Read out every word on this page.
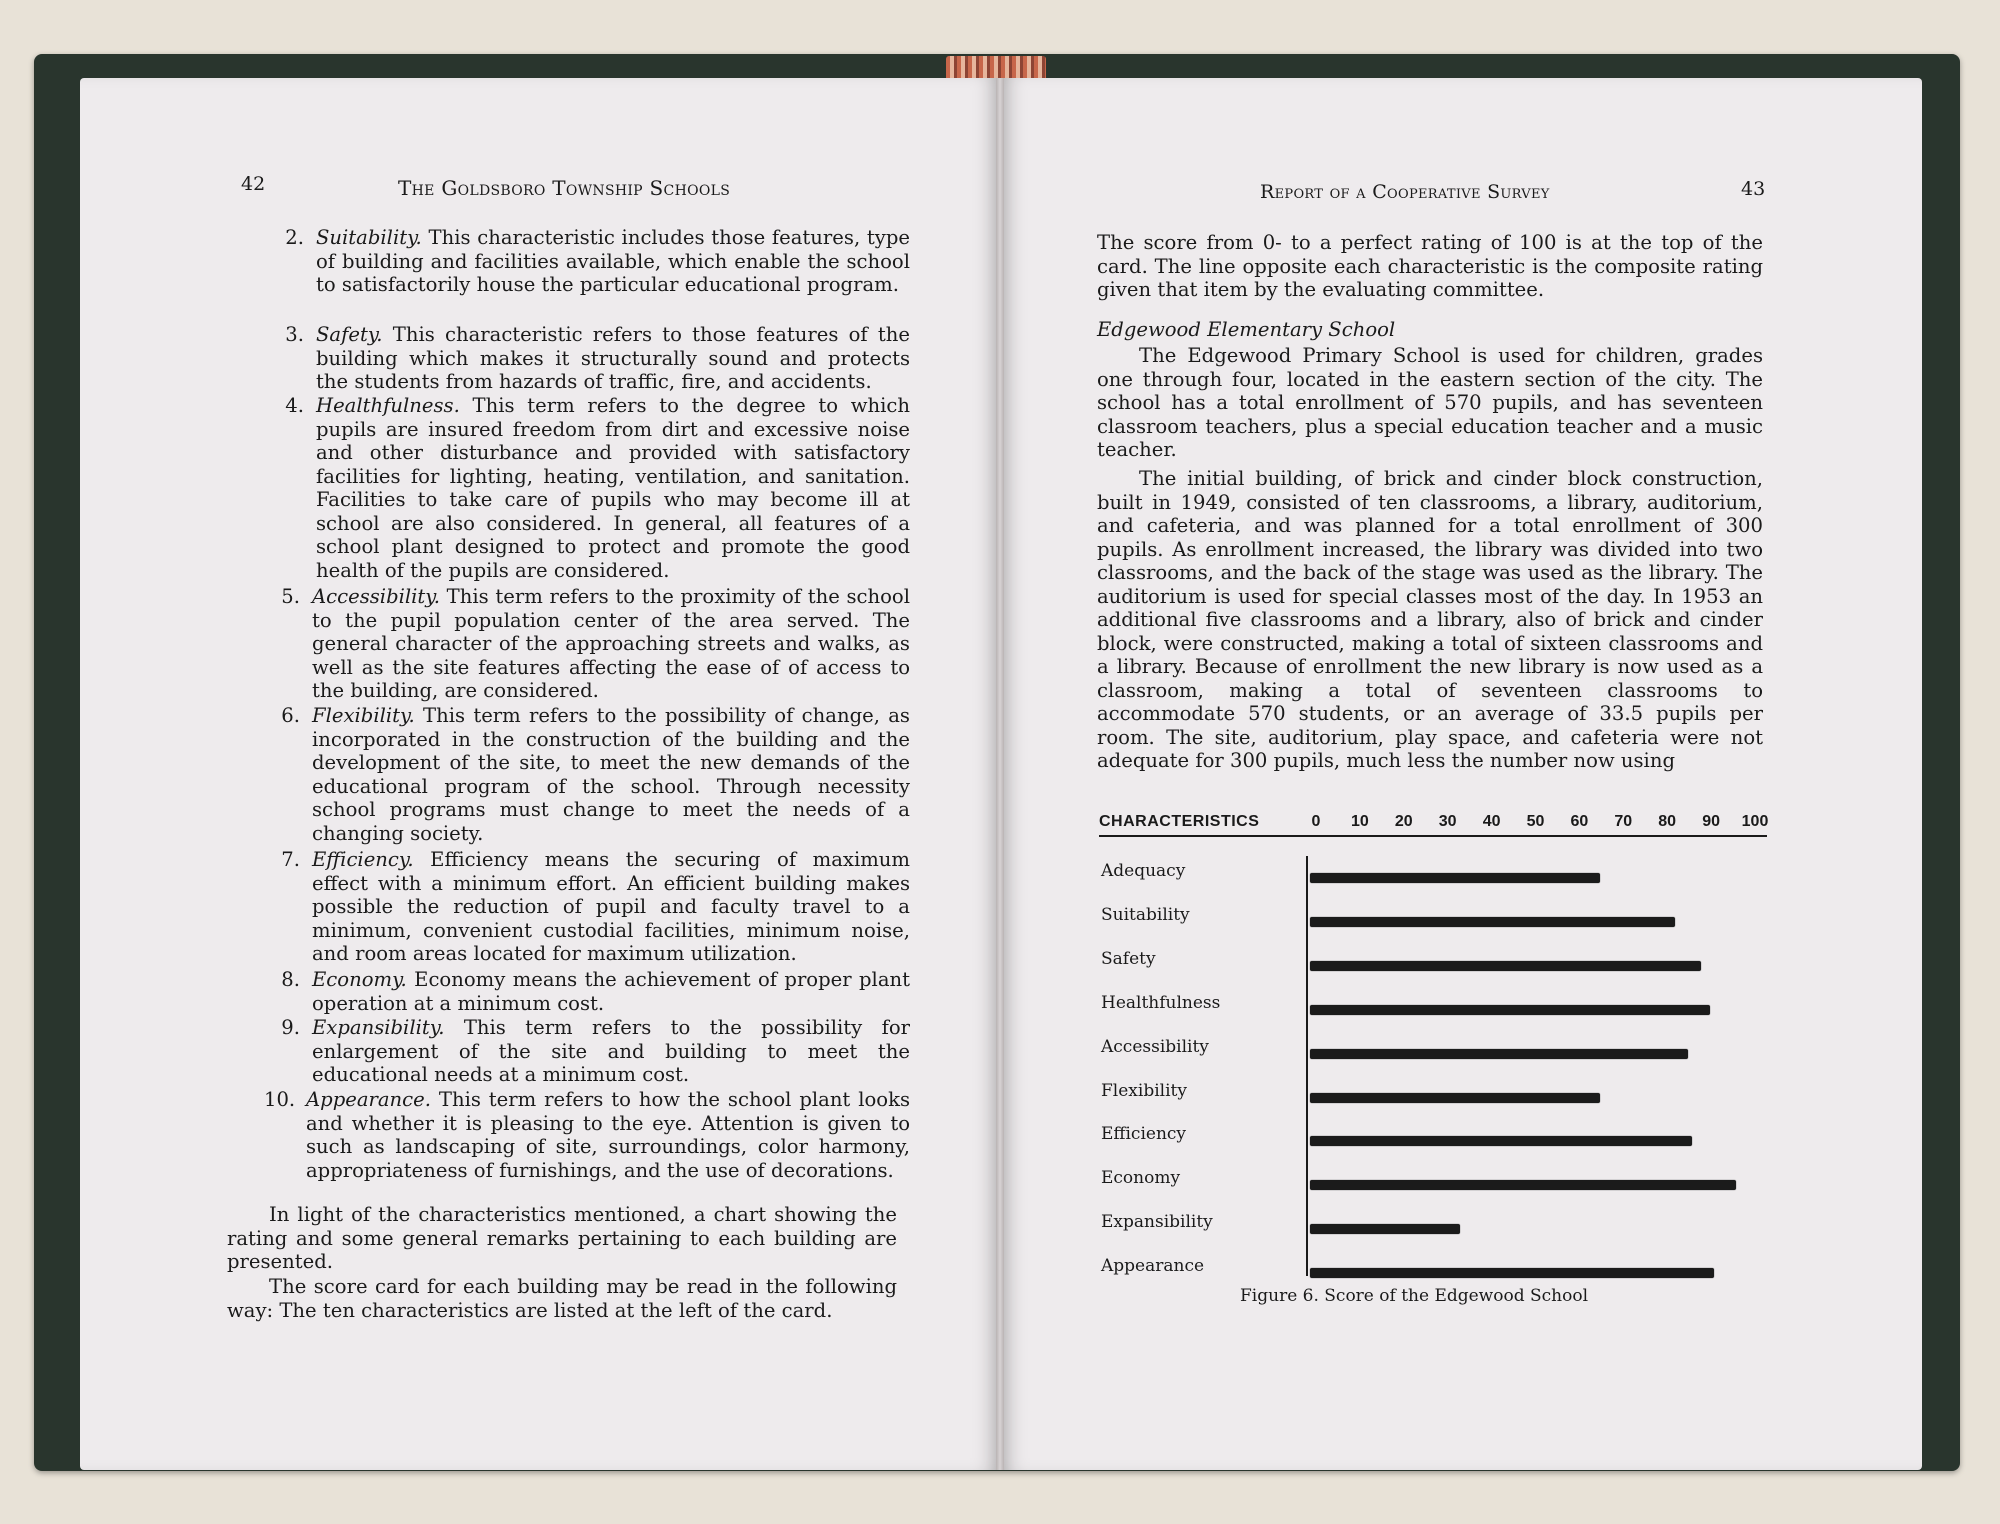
42	The Goldsboro Township Schools
2. Suitability. This characteristic includes those features, type of building and facilities available, which enable the school to satisfactorily house the particular educational program.
3. Safety. This characteristic refers to those features of the building which makes it structurally sound and protects the students from hazards of traffic, fire, and accidents.
4. Healthfulness. This term refers to the degree to which pupils are insured freedom from dirt and excessive noise and other disturbance and provided with satisfactory facilities for lighting, heating, ventilation, and sanitation. Facilities to take care of pupils who may become ill at school are also considered. In general, all features of a school plant designed to protect and promote the good health of the pupils are considered.
5. Accessibility. This term refers to the proximity of the school to the pupil population center of the area served. The general character of the approaching streets and walks, as well as the site features affecting the ease of of access to the building, are considered.
6. Flexibility. This term refers to the possibility of change, as incorporated in the construction of the building and the development of the site, to meet the new demands of the educational program of the school. Through necessity school programs must change to meet the needs of a changing society.
7. Efficiency. Efficiency means the securing of maximum effect with a minimum effort. An efficient building makes possible the reduction of pupil and faculty travel to a minimum, convenient custodial facilities, minimum noise, and room areas located for maximum utilization.
8. Economy. Economy means the achievement of proper plant operation at a minimum cost.
9. Expansibility. This term refers to the possibility for enlargement of the site and building to meet the educational needs at a minimum cost.
10. Appearance. This term refers to how the school plant looks and whether it is pleasing to the eye. Attention is given to such as landscaping of site, surroundings, color harmony, appropriateness of furnishings, and the use of decorations.
In light of the characteristics mentioned, a chart showing the rating and some general remarks pertaining to each building are presented.
The score card for each building may be read in the following way: The ten characteristics are listed at the left of the card.
Report of a Cooperative Survey	43
The score from 0- to a perfect rating of 100 is at the top of the card. The line opposite each characteristic is the composite rating given that item by the evaluating committee.
Edgewood Elementary School
The Edgewood Primary School is used for children, grades one through four, located in the eastern section of the city. The school has a total enrollment of 570 pupils, and has seventeen classroom teachers, plus a special education teacher and a music teacher.
The initial building, of brick and cinder block construction, built in 1949, consisted of ten classrooms, a library, auditorium, and cafeteria, and was planned for a total enrollment of 300 pupils. As enrollment increased, the library was divided into two classrooms, and the back of the stage was used as the library. The auditorium is used for special classes most of the day. In 1953 an additional five classrooms and a library, also of brick and cinder block, were constructed, making a total of sixteen classrooms and a library. Because of enrollment the new library is now used as a classroom, making a total of seventeen classrooms to accommodate 570 students, or an average of 33.5 pupils per room. The site, auditorium, play space, and cafeteria were not adequate for 300 pupils, much less the number now using
CHARACTERISTICS	0	10	20	30	40	50	60	70	80	90	100
Adequacy
Suitability
Safety
Healthfulness
Accessibility
Flexibility
Efficiency
Economy
Expansibility
Appearance
Figure 6. Score of the Edgewood School
